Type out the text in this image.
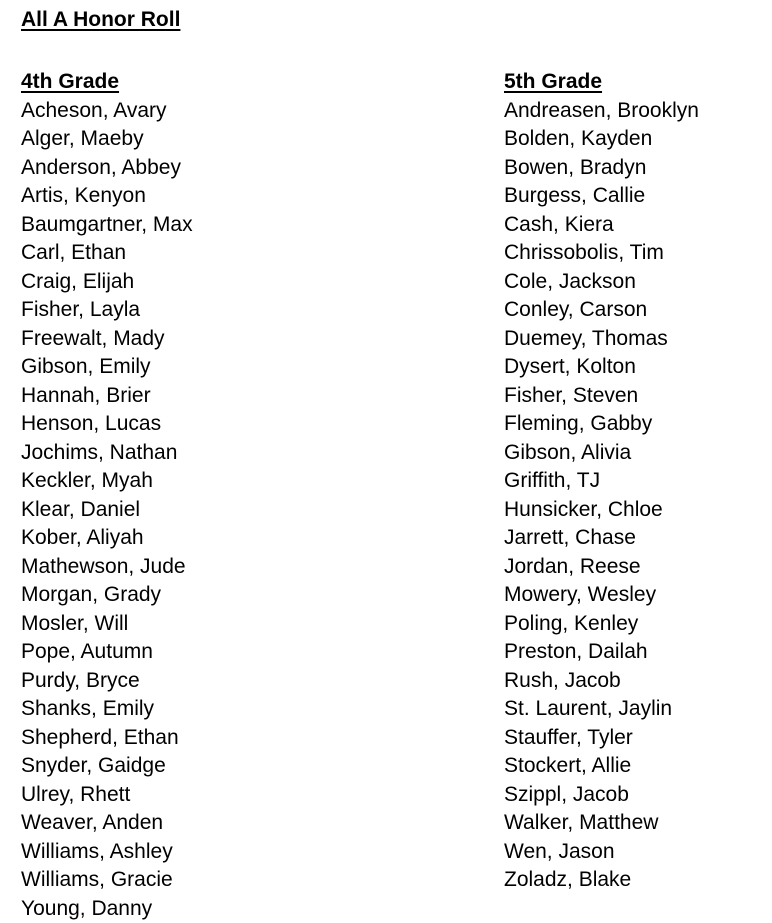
All A Honor Roll
4th Grade
Acheson, Avary
Alger, Maeby
Anderson, Abbey
Artis, Kenyon
Baumgartner, Max
Carl, Ethan
Craig, Elijah
Fisher, Layla
Freewalt, Mady
Gibson, Emily
Hannah, Brier
Henson, Lucas
Jochims, Nathan
Keckler, Myah
Klear, Daniel
Kober, Aliyah
Mathewson, Jude
Morgan, Grady
Mosler, Will
Pope, Autumn
Purdy, Bryce
Shanks, Emily
Shepherd, Ethan
Snyder, Gaidge
Ulrey, Rhett
Weaver, Anden
Williams, Ashley
Williams, Gracie
Young, Danny
5th Grade
Andreasen, Brooklyn
Bolden, Kayden
Bowen, Bradyn
Burgess, Callie
Cash, Kiera
Chrissobolis, Tim
Cole, Jackson
Conley, Carson
Duemey, Thomas
Dysert, Kolton
Fisher, Steven
Fleming, Gabby
Gibson, Alivia
Griffith, TJ
Hunsicker, Chloe
Jarrett, Chase
Jordan, Reese
Mowery, Wesley
Poling, Kenley
Preston, Dailah
Rush, Jacob
St. Laurent, Jaylin
Stauffer, Tyler
Stockert, Allie
Szippl, Jacob
Walker, Matthew
Wen, Jason
Zoladz, Blake
